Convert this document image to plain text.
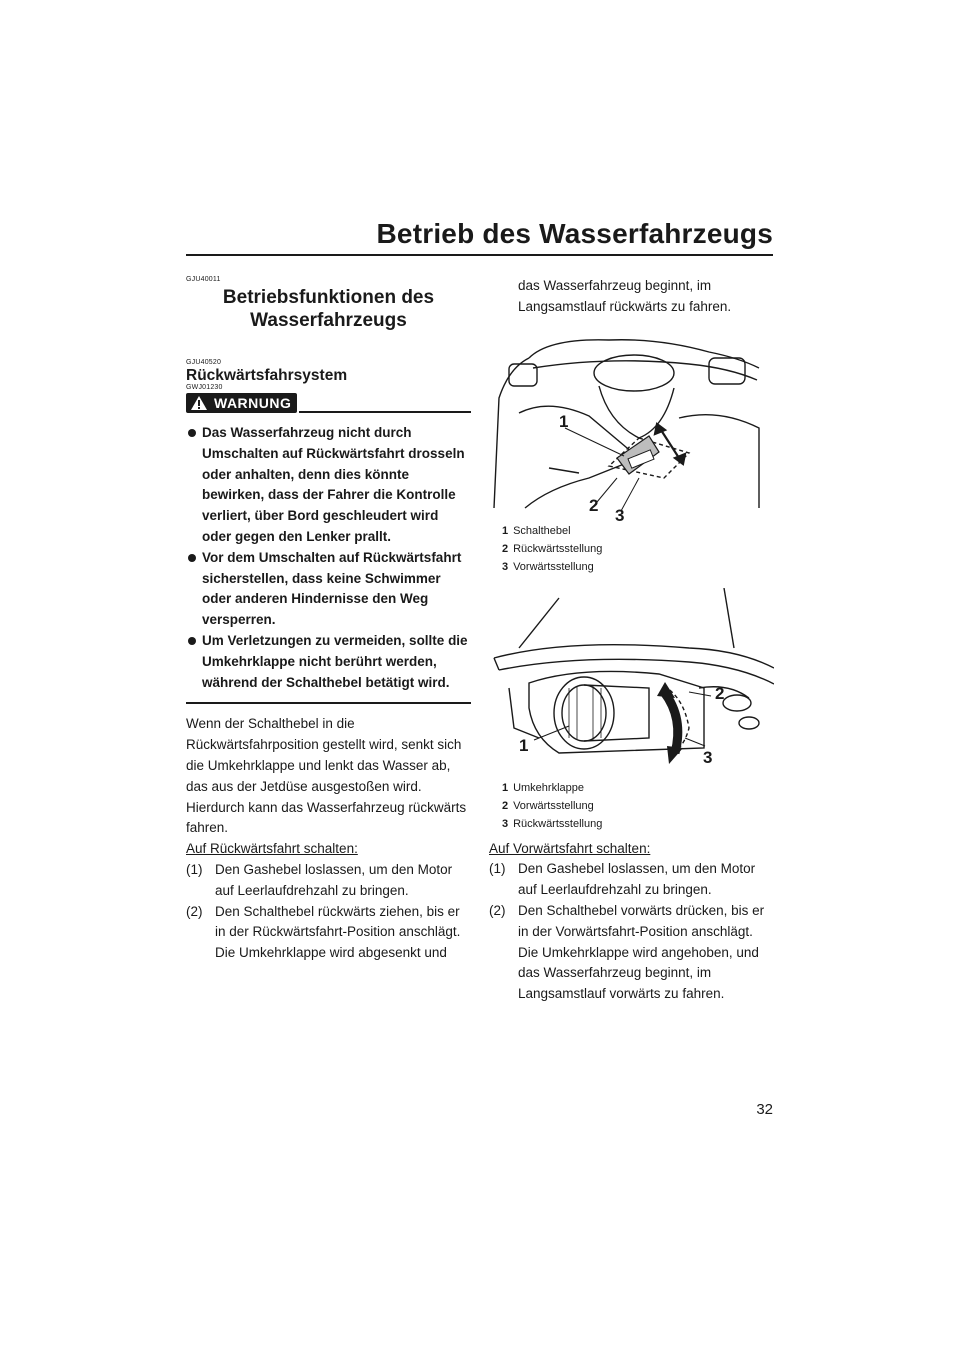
Betrieb des Wasserfahrzeugs
GJU40011
Betriebsfunktionen des
Wasserfahrzeugs
GJU40520
Rückwärtsfahrsystem
GWJ01230
WARNUNG
Das Wasserfahrzeug nicht durch Umschalten auf Rückwärtsfahrt drosseln oder anhalten, denn dies könnte bewirken, dass der Fahrer die Kontrolle verliert, über Bord geschleudert wird oder gegen den Lenker prallt.
Vor dem Umschalten auf Rückwärtsfahrt sicherstellen, dass keine Schwimmer oder anderen Hindernisse den Weg versperren.
Um Verletzungen zu vermeiden, sollte die Umkehrklappe nicht berührt werden, während der Schalthebel betätigt wird.

Wenn der Schalthebel in die Rückwärtsfahrposition gestellt wird, senkt sich die Umkehrklappe und lenkt das Wasser ab, das aus der Jetdüse ausgestoßen wird. Hierdurch kann das Wasserfahrzeug rückwärts fahren.

Auf Rückwärtsfahrt schalten:
(1) Den Gashebel loslassen, um den Motor auf Leerlaufdrehzahl zu bringen.
(2) Den Schalthebel rückwärts ziehen, bis er in der Rückwärtsfahrt-Position anschlägt. Die Umkehrklappe wird abgesenkt und

das Wasserfahrzeug beginnt, im Langsamstlauf rückwärts zu fahren.

1
2
3
1 Schalthebel
2 Rückwärtsstellung
3 Vorwärtsstellung
1
2
3
1 Umkehrklappe
2 Vorwärtsstellung
3 Rückwärtsstellung
Auf Vorwärtsfahrt schalten:
(1) Den Gashebel loslassen, um den Motor auf Leerlaufdrehzahl zu bringen.
(2) Den Schalthebel vorwärts drücken, bis er in der Vorwärtsfahrt-Position anschlägt. Die Umkehrklappe wird angehoben, und das Wasserfahrzeug beginnt, im Langsamstlauf vorwärts zu fahren.
32
